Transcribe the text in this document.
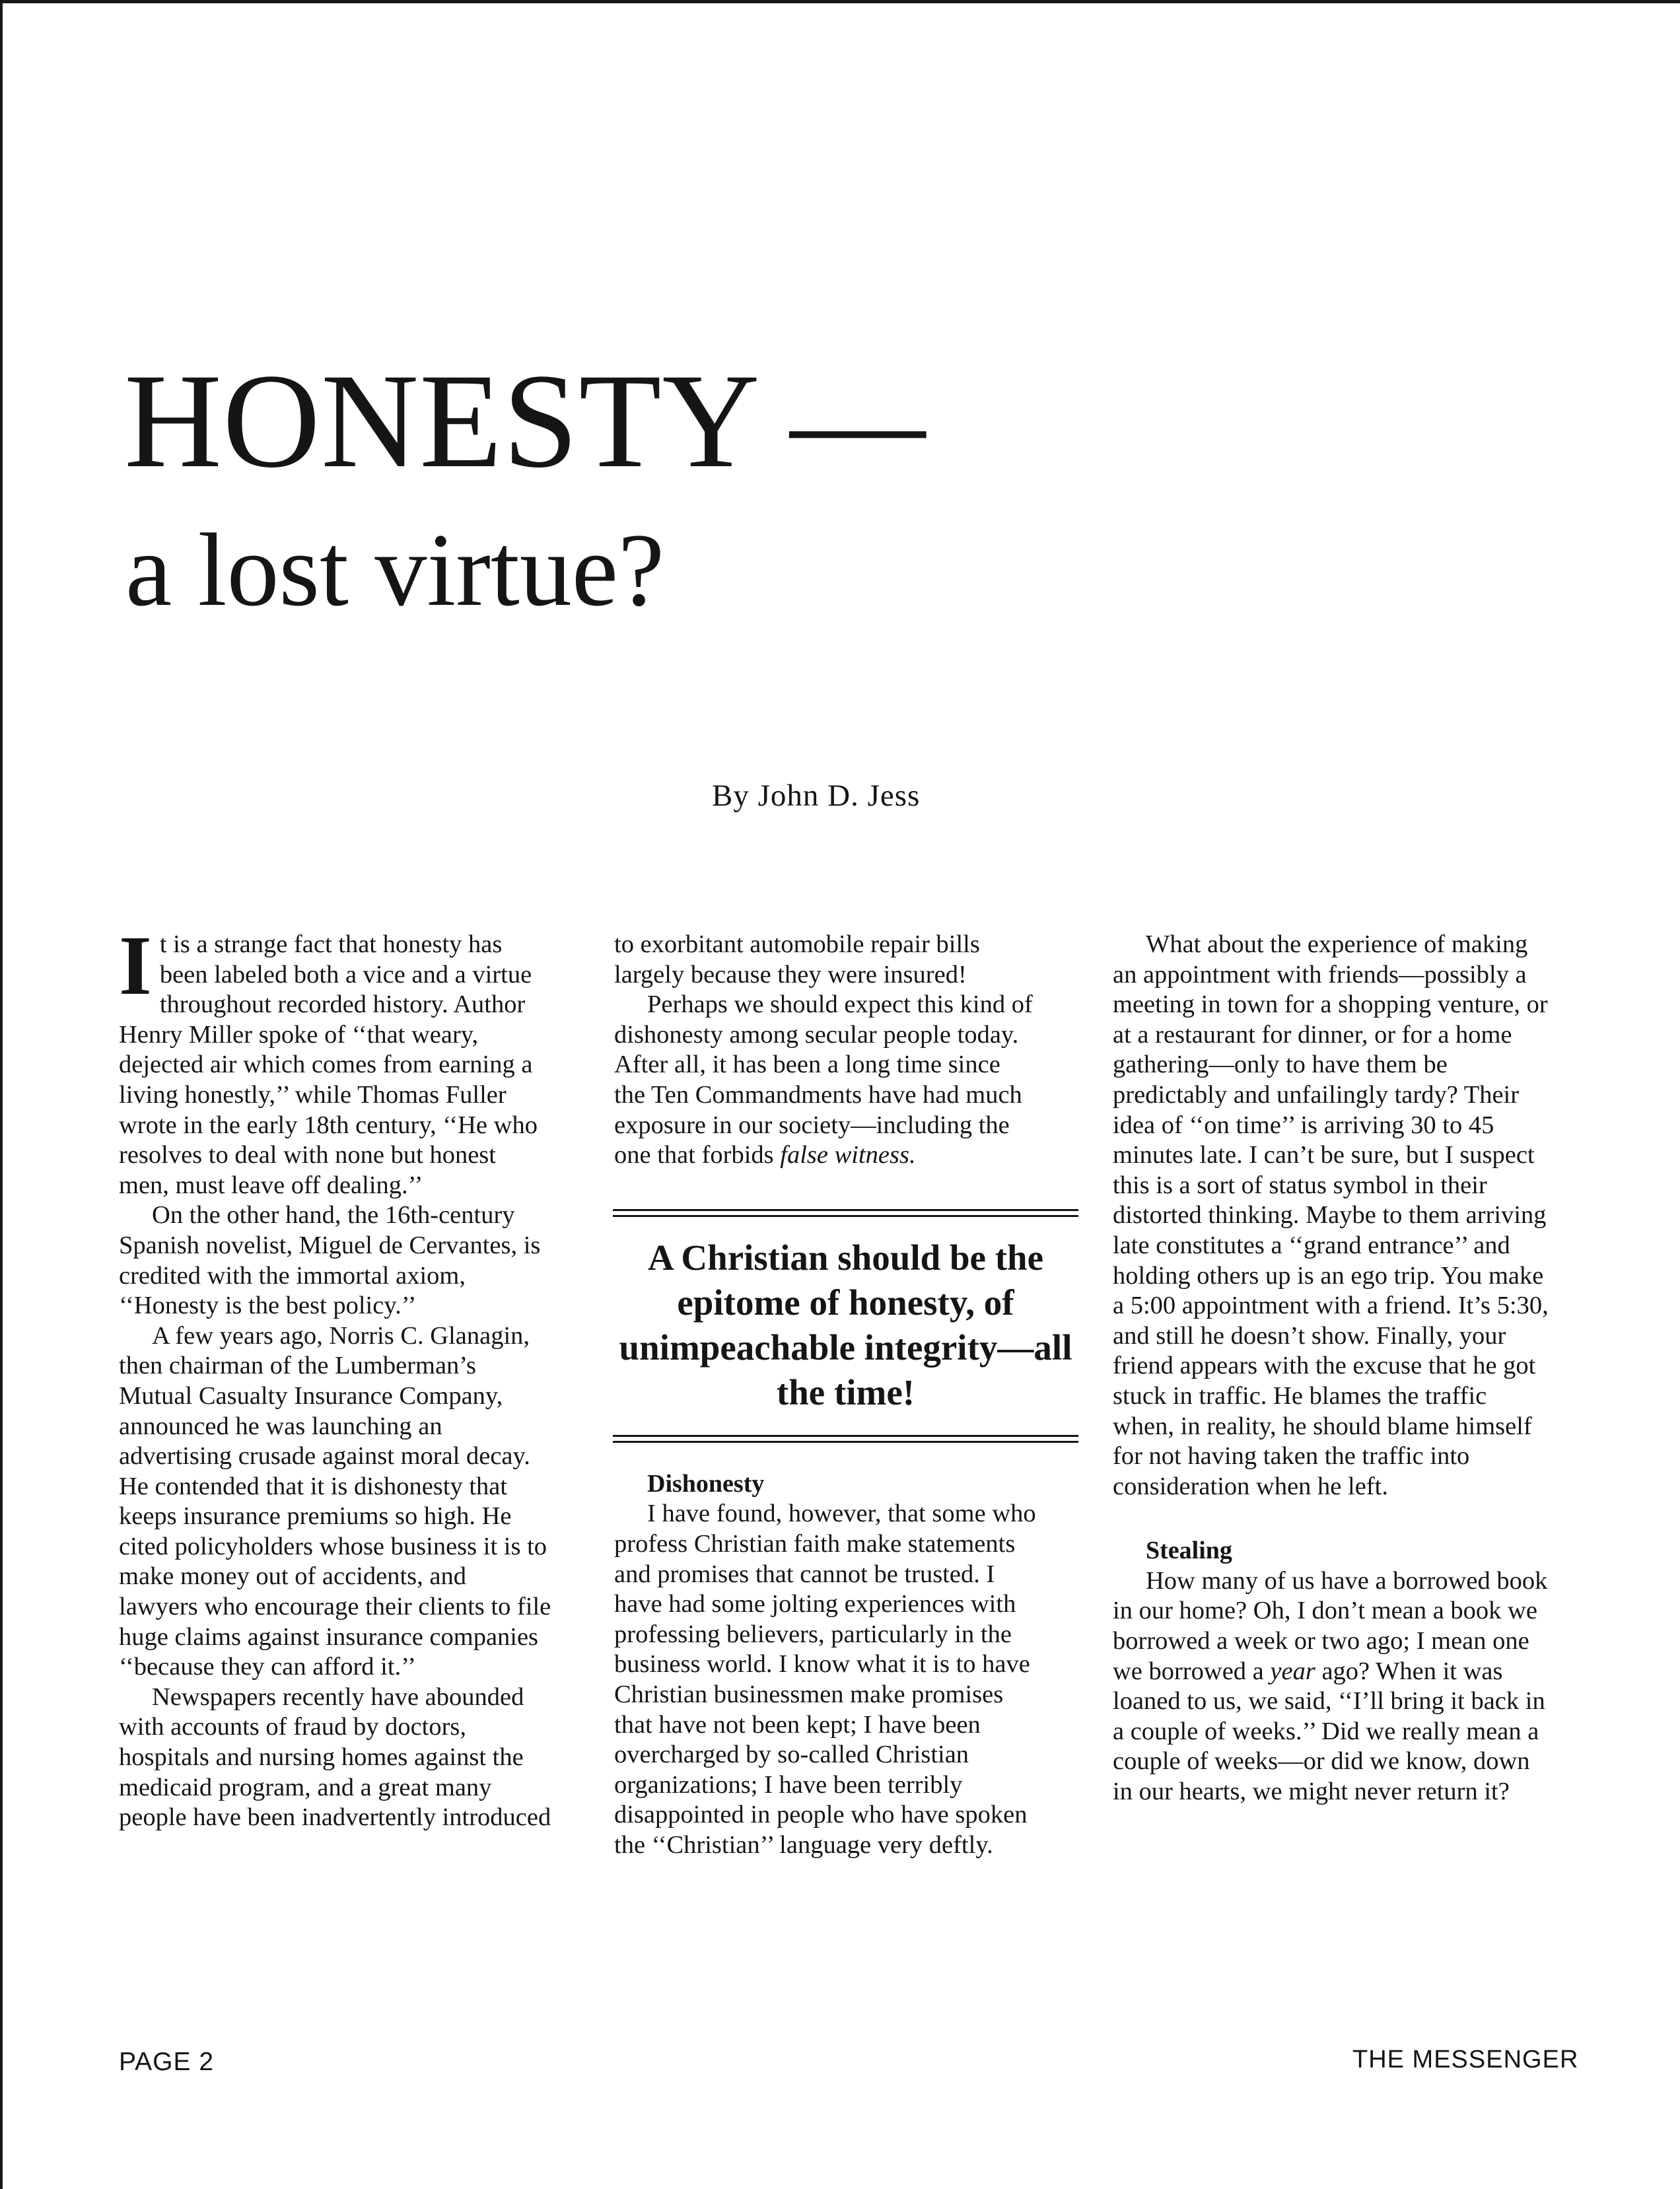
HONESTY —
a lost virtue?
By John D. Jess

It is a strange fact that honesty has been labeled both a vice and a virtue throughout recorded history. Author Henry Miller spoke of ‘‘that weary, dejected air which comes from earning a living honestly,’’ while Thomas Fuller wrote in the early 18th century, ‘‘He who resolves to deal with none but honest men, must leave off dealing.’’

On the other hand, the 16th-century Spanish novelist, Miguel de Cervantes, is credited with the immortal axiom, ‘‘Honesty is the best policy.’’

A few years ago, Norris C. Glanagin, then chairman of the Lumberman’s Mutual Casualty Insurance Company, announced he was launching an advertising crusade against moral decay. He contended that it is dishonesty that keeps insurance premiums so high. He cited policyholders whose business it is to make money out of accidents, and lawyers who encourage their clients to file huge claims against insurance companies ‘‘because they can afford it.’’

Newspapers recently have abounded with accounts of fraud by doctors, hospitals and nursing homes against the medicaid program, and a great many people have been inadvertently introduced

to exorbitant automobile repair bills largely because they were insured!

Perhaps we should expect this kind of dishonesty among secular people today. After all, it has been a long time since the Ten Commandments have had much exposure in our society—including the one that forbids false witness.

A Christian should be the epitome of honesty, of unimpeachable integrity—all the time!

Dishonesty

I have found, however, that some who profess Christian faith make statements and promises that cannot be trusted. I have had some jolting experiences with professing believers, particularly in the business world. I know what it is to have Christian businessmen make promises that have not been kept; I have been overcharged by so-called Christian organizations; I have been terribly disappointed in people who have spoken the ‘‘Christian’’ language very deftly.

What about the experience of making an appointment with friends—possibly a meeting in town for a shopping venture, or at a restaurant for dinner, or for a home gathering—only to have them be predictably and unfailingly tardy? Their idea of ‘‘on time’’ is arriving 30 to 45 minutes late. I can’t be sure, but I suspect this is a sort of status symbol in their distorted thinking. Maybe to them arriving late constitutes a ‘‘grand entrance’’ and holding others up is an ego trip. You make a 5:00 appointment with a friend. It’s 5:30, and still he doesn’t show. Finally, your friend appears with the excuse that he got stuck in traffic. He blames the traffic when, in reality, he should blame himself for not having taken the traffic into consideration when he left.

Stealing

How many of us have a borrowed book in our home? Oh, I don’t mean a book we borrowed a week or two ago; I mean one we borrowed a year ago? When it was loaned to us, we said, ‘‘I’ll bring it back in a couple of weeks.’’ Did we really mean a couple of weeks—or did we know, down in our hearts, we might never return it?

PAGE 2	THE MESSENGER
